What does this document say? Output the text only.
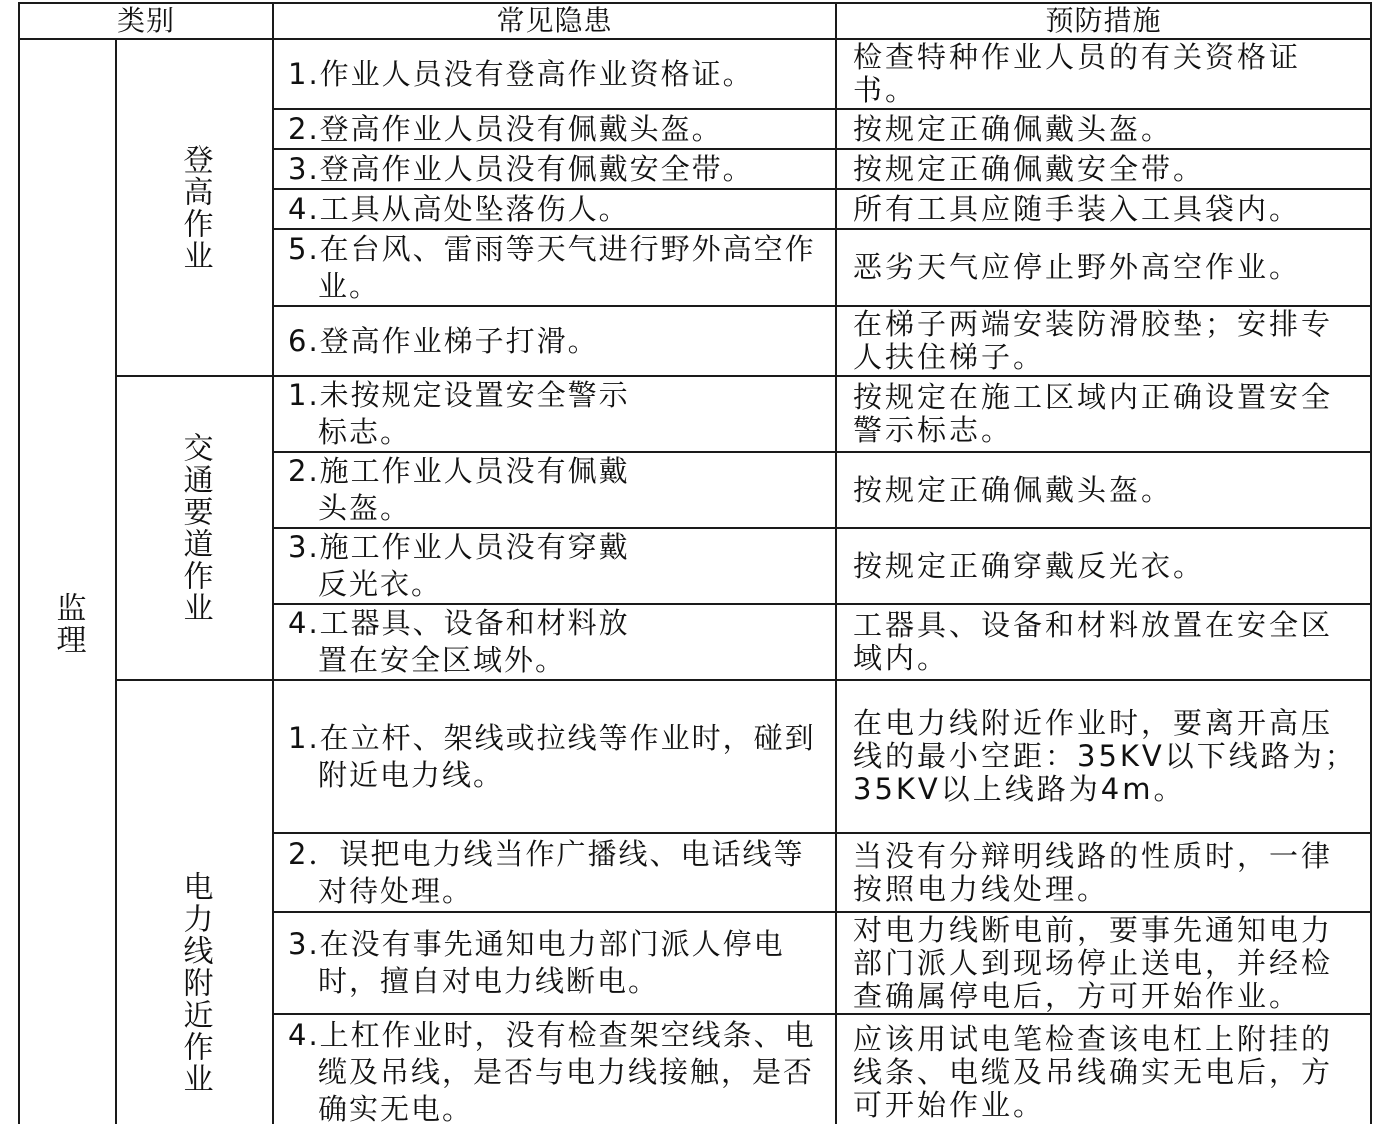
类别		常见隐患	预防措施

监理	登高作业	1.作业人员没有登高作业资格证。	检查特种作业人员的有关资格证书。

		2.登高作业人员没有佩戴头盔。	按规定正确佩戴头盔。

		3.登高作业人员没有佩戴安全带。	按规定正确佩戴安全带。

		4.工具从高处坠落伤人。	所有工具应随手装入工具袋内。

		5.在台风、雷雨等天气进行野外高空作业。	恶劣天气应停止野外高空作业。

		6.登高作业梯子打滑。	在梯子两端安装防滑胶垫；安排专人扶住梯子。

	交通要道作业	1.未按规定设置安全警示标志。	按规定在施工区域内正确设置安全警示标志。

		2.施工作业人员没有佩戴头盔。	按规定正确佩戴头盔。

		3.施工作业人员没有穿戴反光衣。	按规定正确穿戴反光衣。

		4.工器具、设备和材料放置在安全区域外。	工器具、设备和材料放置在安全区域内。

	电力线附近作业	1.在立杆、架线或拉线等作业时，碰到附近电力线。	在电力线附近作业时，要离开高压线的最小空距：35KV以下线路为；35KV以上线路为4m。

		2．误把电力线当作广播线、电话线等对待处理。	当没有分辩明线路的性质时，一律按照电力线处理。

		3.在没有事先通知电力部门派人停电时，擅自对电力线断电。	对电力线断电前，要事先通知电力部门派人到现场停止送电，并经检查确属停电后，方可开始作业。

		4.上杠作业时，没有检查架空线条、电缆及吊线，是否与电力线接触，是否确实无电。	应该用试电笔检查该电杠上附挂的线条、电缆及吊线确实无电后，方可开始作业。
